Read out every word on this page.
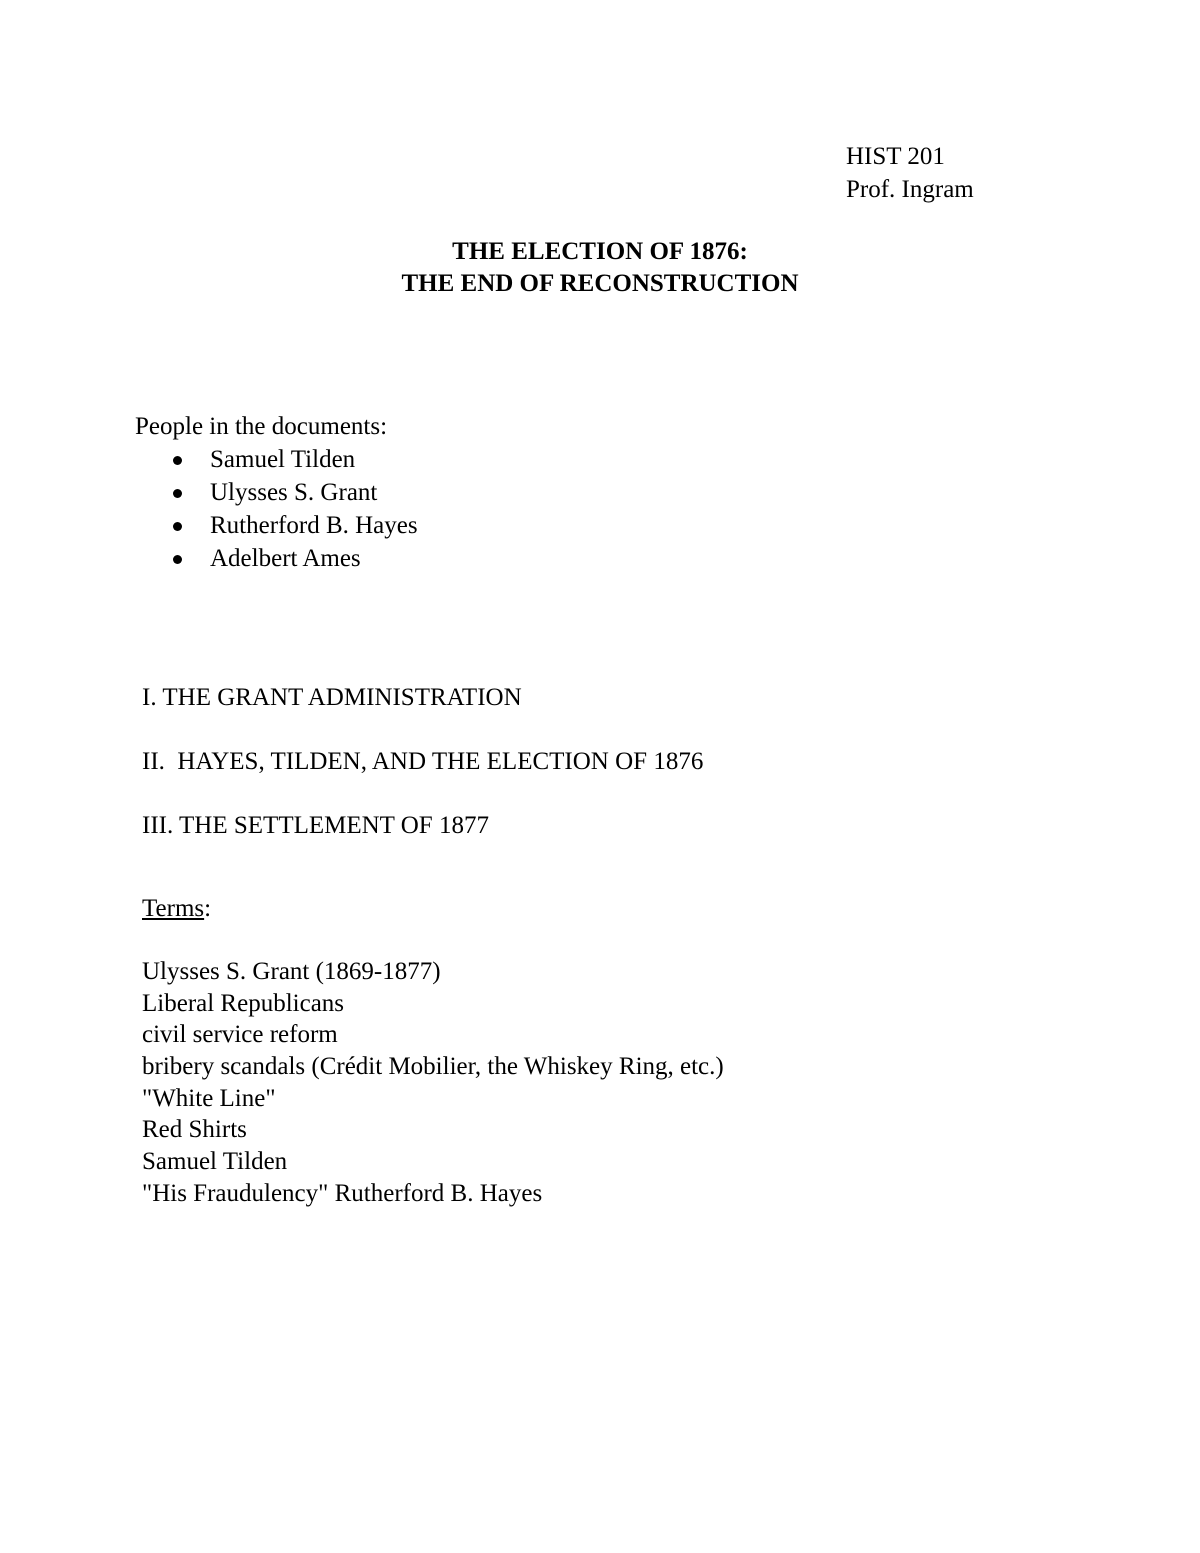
HIST 201
Prof. Ingram
THE ELECTION OF 1876:
THE END OF RECONSTRUCTION
People in the documents:
Samuel Tilden
Ulysses S. Grant
Rutherford B. Hayes
Adelbert Ames
I. THE GRANT ADMINISTRATION
II.  HAYES, TILDEN, AND THE ELECTION OF 1876
III. THE SETTLEMENT OF 1877
Terms:
Ulysses S. Grant (1869-1877)
Liberal Republicans
civil service reform
bribery scandals (Crédit Mobilier, the Whiskey Ring, etc.)
"White Line"
Red Shirts
Samuel Tilden
"His Fraudulency" Rutherford B. Hayes
